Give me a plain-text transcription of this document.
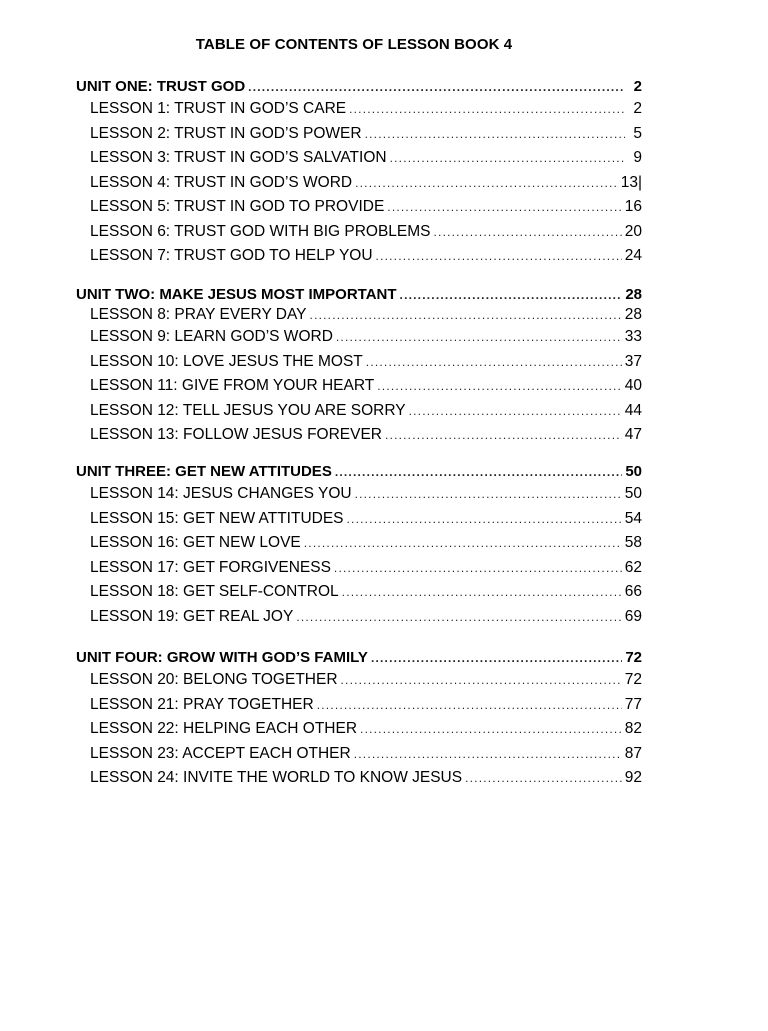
TABLE OF CONTENTS OF LESSON BOOK 4
UNIT ONE: TRUST GOD .....	2
LESSON 1: TRUST IN GOD’S CARE .....	2
LESSON 2: TRUST IN GOD’S POWER .....	5
LESSON 3: TRUST IN GOD’S SALVATION .....	9
LESSON 4: TRUST IN GOD’S WORD .....	13|
LESSON 5: TRUST IN GOD TO PROVIDE .....	16
LESSON 6: TRUST GOD WITH BIG PROBLEMS .....	20
LESSON 7: TRUST GOD TO HELP YOU .....	24
UNIT TWO: MAKE JESUS MOST IMPORTANT .....	28
LESSON 8: PRAY EVERY DAY .....	28
LESSON 9: LEARN GOD’S WORD .....	33
LESSON 10: LOVE JESUS THE MOST .....	37
LESSON 11: GIVE FROM YOUR HEART .....	40
LESSON 12: TELL JESUS YOU ARE SORRY .....	44
LESSON 13: FOLLOW JESUS FOREVER .....	47
UNIT THREE: GET NEW ATTITUDES .....	50
LESSON 14: JESUS CHANGES YOU .....	50
LESSON 15: GET NEW ATTITUDES .....	54
LESSON 16: GET NEW LOVE .....	58
LESSON 17: GET FORGIVENESS .....	62
LESSON 18: GET SELF-CONTROL .....	66
LESSON 19: GET REAL JOY .....	69
UNIT FOUR: GROW WITH GOD’S FAMILY .....	72
LESSON 20: BELONG TOGETHER .....	72
LESSON 21: PRAY TOGETHER .....	77
LESSON 22: HELPING EACH OTHER .....	82
LESSON 23: ACCEPT EACH OTHER .....	87
LESSON 24: INVITE THE WORLD TO KNOW JESUS .....	92
